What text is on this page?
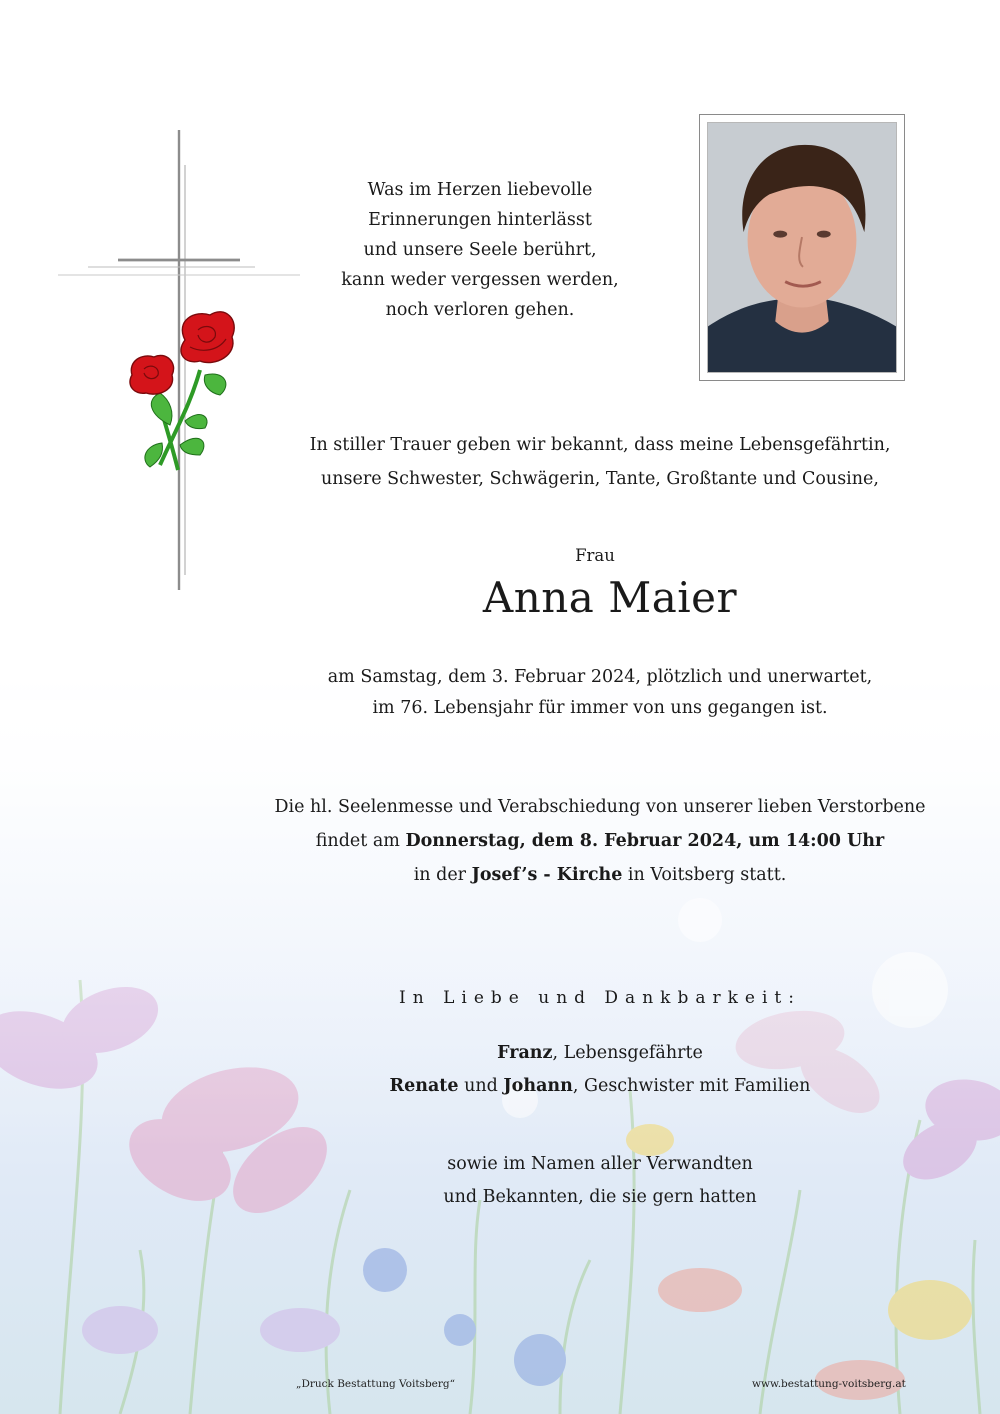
Was im Herzen liebevolle
Erinnerungen hinterlässt
und unsere Seele berührt,
kann weder vergessen werden,
noch verloren gehen.
In stiller Trauer geben wir bekannt, dass meine Lebensgefährtin,
unsere Schwester, Schwägerin, Tante, Großtante und Cousine,
Frau
Anna Maier
am Samstag, dem 3. Februar 2024, plötzlich und unerwartet,
im 76. Lebensjahr für immer von uns gegangen ist.
Die hl. Seelenmesse und Verabschiedung von unserer lieben Verstorbene
findet am Donnerstag, dem 8. Februar 2024, um 14:00 Uhr
in der Josef’s - Kirche in Voitsberg statt.
In Liebe und Dankbarkeit:
Franz, Lebensgefährte
Renate und Johann, Geschwister mit Familien
sowie im Namen aller Verwandten
und Bekannten, die sie gern hatten
„Druck Bestattung Voitsberg“	www.bestattung-voitsberg.at
